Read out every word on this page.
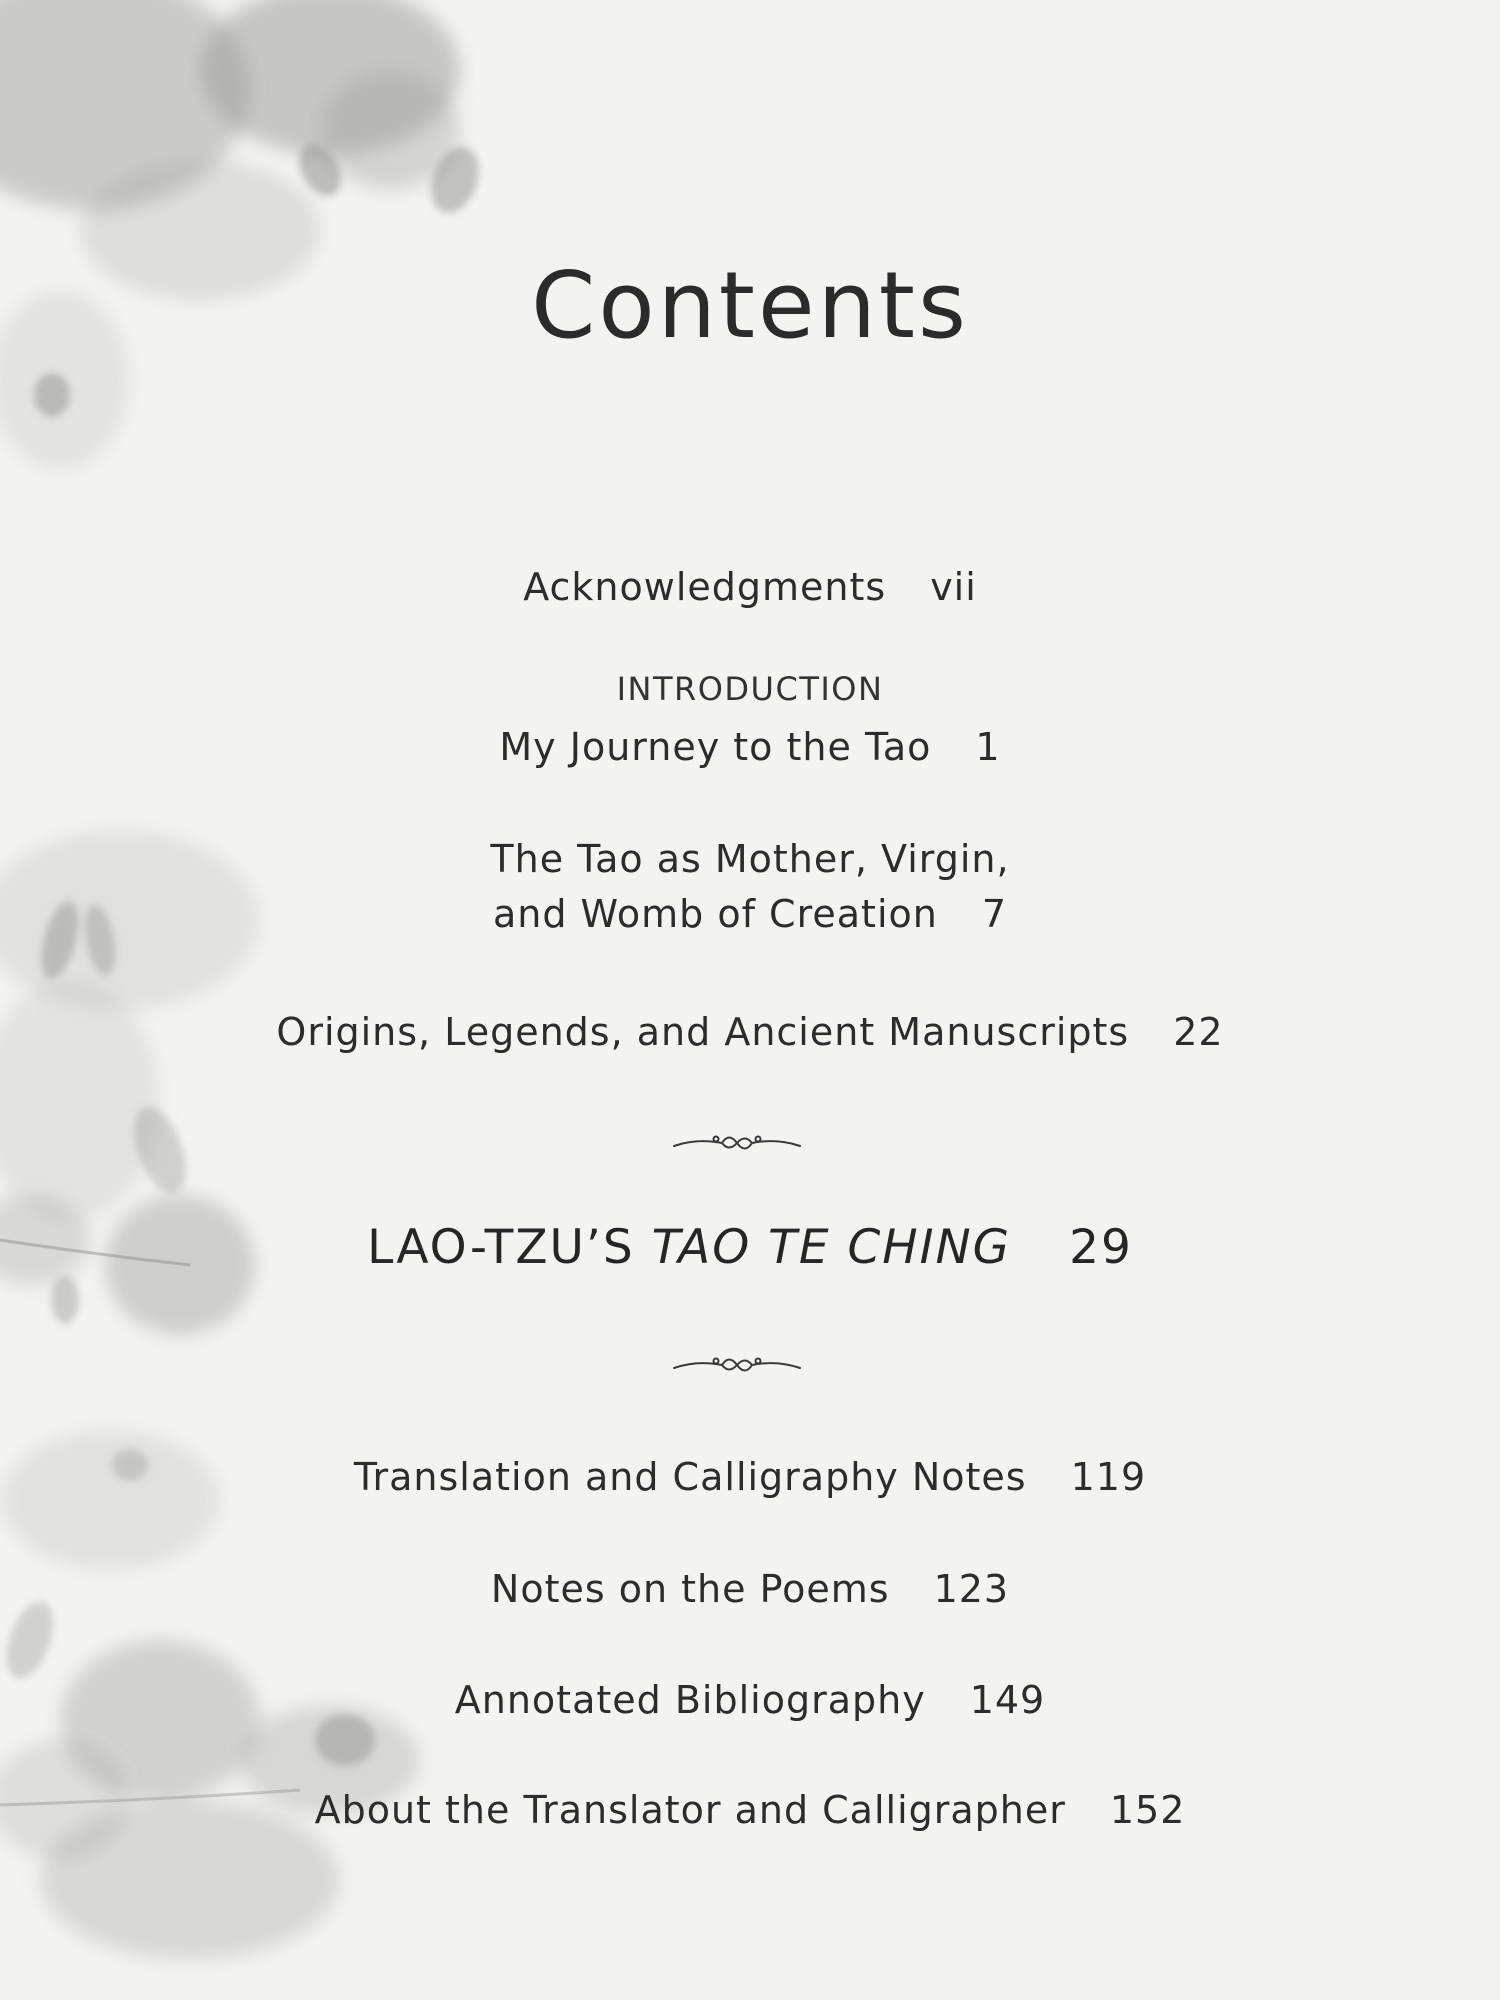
Contents
Acknowledgments vii
INTRODUCTION
My Journey to the Tao 1
The Tao as Mother, Virgin,
and Womb of Creation 7
Origins, Legends, and Ancient Manuscripts 22
LAO-TZU’S TAO TE CHING 29
Translation and Calligraphy Notes 119
Notes on the Poems 123
Annotated Bibliography 149
About the Translator and Calligrapher 152
